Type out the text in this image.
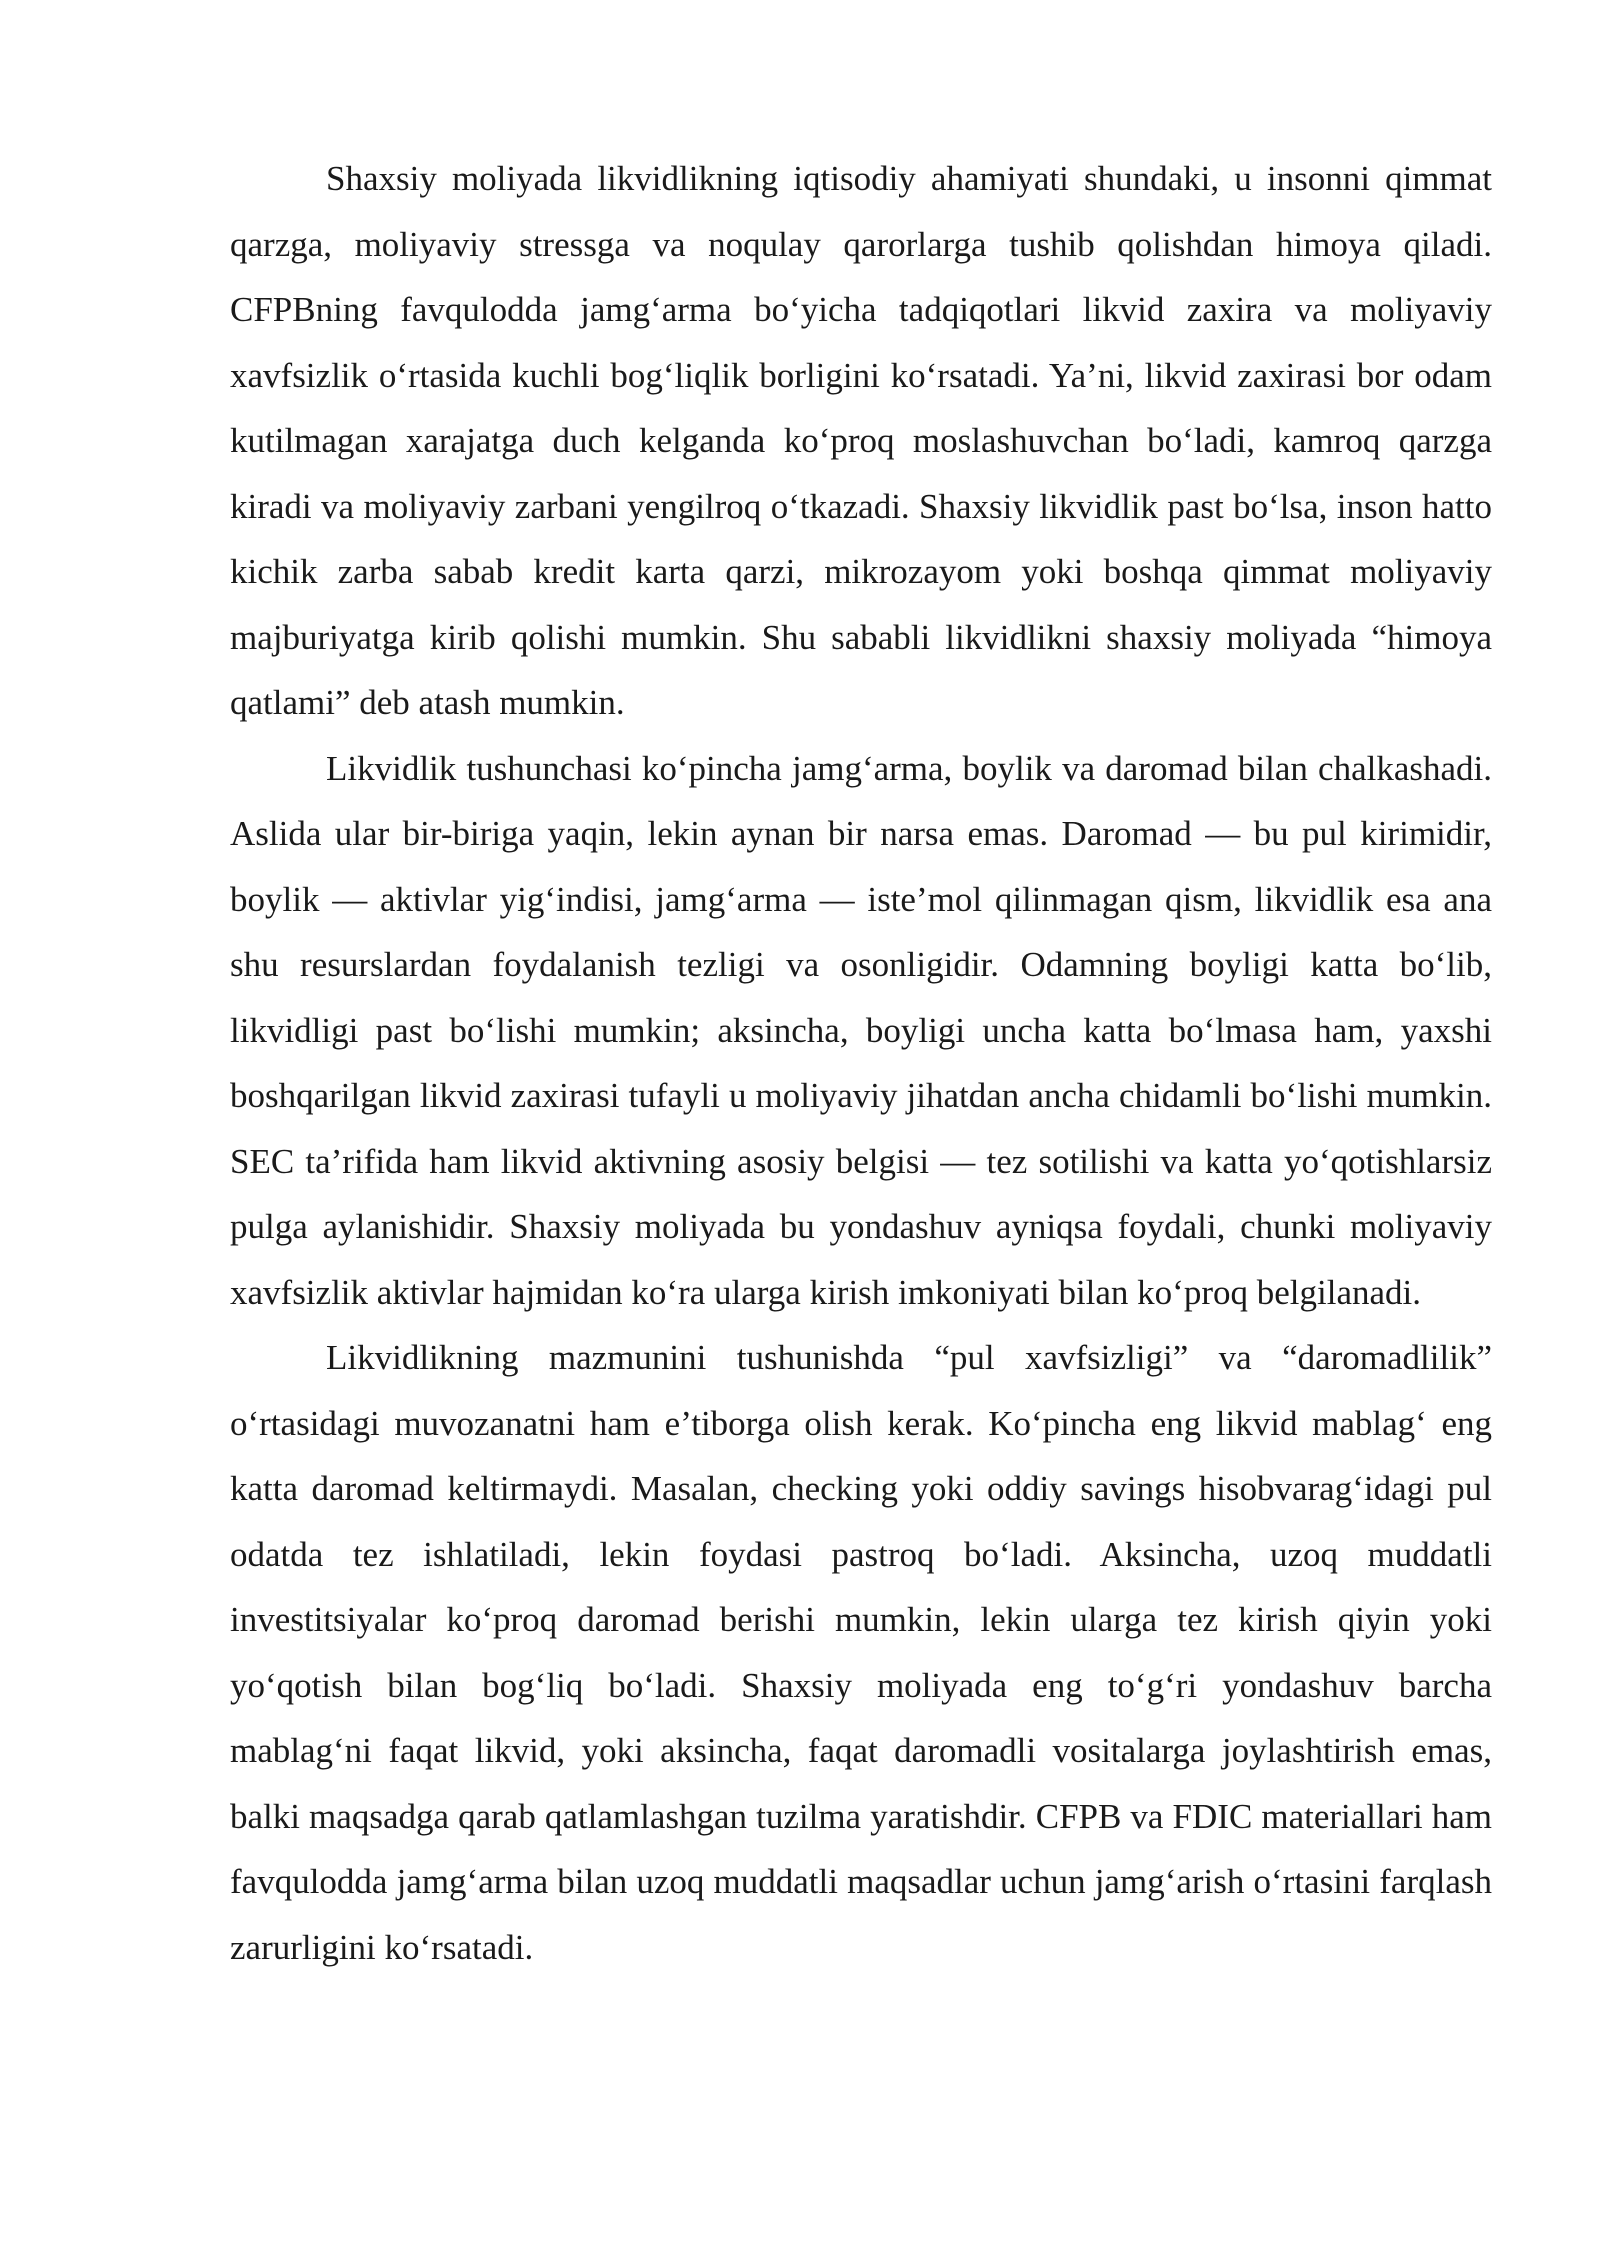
Shaxsiy moliyada likvidlikning iqtisodiy ahamiyati shundaki, u insonni qimmat qarzga, moliyaviy stressga va noqulay qarorlarga tushib qolishdan himoya qiladi. CFPBning favqulodda jamg‘arma bo‘yicha tadqiqotlari likvid zaxira va moliyaviy xavfsizlik o‘rtasida kuchli bog‘liqlik borligini ko‘rsatadi. Ya’ni, likvid zaxirasi bor odam kutilmagan xarajatga duch kelganda ko‘proq moslashuvchan bo‘ladi, kamroq qarzga kiradi va moliyaviy zarbani yengilroq o‘tkazadi. Shaxsiy likvidlik past bo‘lsa, inson hatto kichik zarba sabab kredit karta qarzi, mikrozayom yoki boshqa qimmat moliyaviy majburiyatga kirib qolishi mumkin. Shu sababli likvidlikni shaxsiy moliyada “himoya qatlami” deb atash mumkin.

Likvidlik tushunchasi ko‘pincha jamg‘arma, boylik va daromad bilan chalkashadi. Aslida ular bir-biriga yaqin, lekin aynan bir narsa emas. Daromad — bu pul kirimidir, boylik — aktivlar yig‘indisi, jamg‘arma — iste’mol qilinmagan qism, likvidlik esa ana shu resurslardan foydalanish tezligi va osonligidir. Odamning boyligi katta bo‘lib, likvidligi past bo‘lishi mumkin; aksincha, boyligi uncha katta bo‘lmasa ham, yaxshi boshqarilgan likvid zaxirasi tufayli u moliyaviy jihatdan ancha chidamli bo‘lishi mumkin. SEC ta’rifida ham likvid aktivning asosiy belgisi — tez sotilishi va katta yo‘qotishlarsiz pulga aylanishidir. Shaxsiy moliyada bu yondashuv ayniqsa foydali, chunki moliyaviy xavfsizlik aktivlar hajmidan ko‘ra ularga kirish imkoniyati bilan ko‘proq belgilanadi.

Likvidlikning mazmunini tushunishda “pul xavfsizligi” va “daromadlilik” o‘rtasidagi muvozanatni ham e’tiborga olish kerak. Ko‘pincha eng likvid mablag‘ eng katta daromad keltirmaydi. Masalan, checking yoki oddiy savings hisobvarag‘idagi pul odatda tez ishlatiladi, lekin foydasi pastroq bo‘ladi. Aksincha, uzoq muddatli investitsiyalar ko‘proq daromad berishi mumkin, lekin ularga tez kirish qiyin yoki yo‘qotish bilan bog‘liq bo‘ladi. Shaxsiy moliyada eng to‘g‘ri yondashuv barcha mablag‘ni faqat likvid, yoki aksincha, faqat daromadli vositalarga joylashtirish emas, balki maqsadga qarab qatlamlashgan tuzilma yaratishdir. CFPB va FDIC materiallari ham favqulodda jamg‘arma bilan uzoq muddatli maqsadlar uchun jamg‘arish o‘rtasini farqlash zarurligini ko‘rsatadi.
